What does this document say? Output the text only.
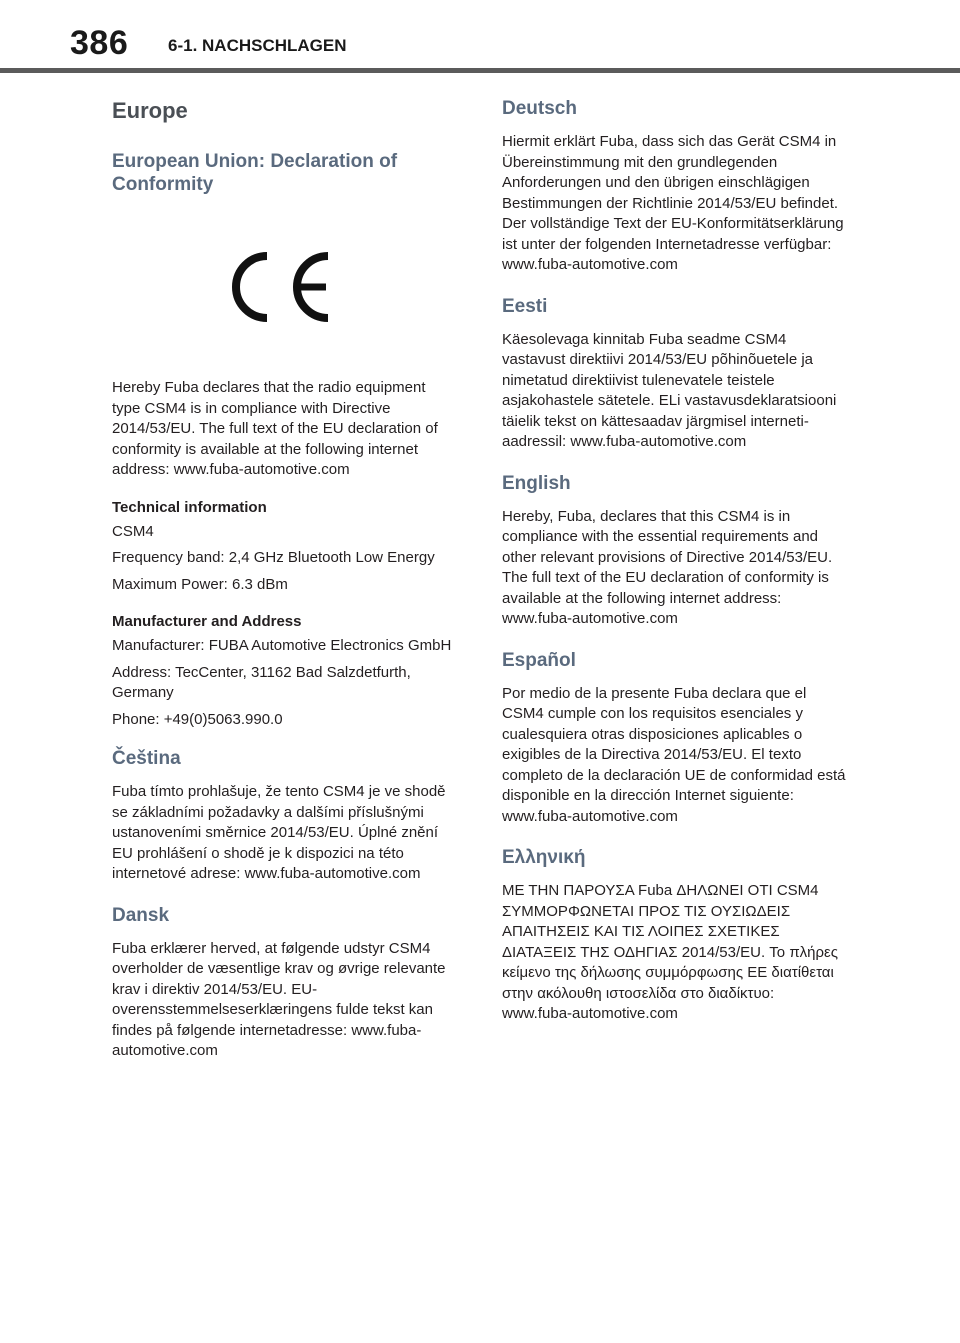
386 6-1. NACHSCHLAGEN
Europe
European Union: Declaration of Conformity

Hereby Fuba declares that the radio equipment type CSM4 is in compliance with Directive 2014/53/EU. The full text of the EU declaration of conformity is available at the following internet address: www.fuba-automotive.com

Technical information

CSM4

Frequency band: 2,4 GHz Bluetooth Low Energy

Maximum Power: 6.3 dBm

Manufacturer and Address

Manufacturer: FUBA Automotive Electronics GmbH

Address: TecCenter, 31162 Bad Salzdetfurth, Germany

Phone: +49(0)5063.990.0

Čeština

Fuba tímto prohlašuje, že tento CSM4 je ve shodě se základními požadavky a dalšími příslušnými ustanoveními směrnice 2014/53/EU. Úplné znění EU prohlášení o shodě je k dispozici na této internetové adrese: www.fuba-automotive.com

Dansk

Fuba erklærer herved, at følgende udstyr CSM4 overholder de væsentlige krav og øvrige relevante krav i direktiv 2014/53/EU. EU-overensstemmelseserklæringens fulde tekst kan findes på følgende internetadresse: www.fuba-automotive.com

Deutsch

Hiermit erklärt Fuba, dass sich das Gerät CSM4 in Übereinstimmung mit den grundlegenden Anforderungen und den übrigen einschlägigen Bestimmungen der Richtlinie 2014/53/EU befindet. Der vollständige Text der EU-Konformitätserklärung ist unter der folgenden Internetadresse verfügbar: www.fuba-automotive.com

Eesti

Käesolevaga kinnitab Fuba seadme CSM4 vastavust direktiivi 2014/53/EU põhinõuetele ja nimetatud direktiivist tulenevatele teistele asjakohastele sätetele. ELi vastavusdeklaratsiooni täielik tekst on kättesaadav järgmisel internetiaadressil: www.fuba-automotive.com

English

Hereby, Fuba, declares that this CSM4 is in compliance with the essential requirements and other relevant provisions of Directive 2014/53/EU. The full text of the EU declaration of conformity is available at the following internet address: www.fuba-automotive.com

Español

Por medio de la presente Fuba declara que el CSM4 cumple con los requisitos esenciales y cualesquiera otras disposiciones aplicables o exigibles de la Directiva 2014/53/EU. El texto completo de la declaración UE de conformidad está disponible en la dirección Internet siguiente: www.fuba-automotive.com

Ελληνική

ΜΕ ΤΗΝ ΠΑΡΟΥΣΑ Fuba ΔΗΛΩΝΕΙ ΟΤΙ CSM4 ΣΥΜΜΟΡΦΩΝΕΤΑΙ ΠΡΟΣ ΤΙΣ ΟΥΣΙΩΔΕΙΣ ΑΠΑΙΤΗΣΕΙΣ ΚΑΙ ΤΙΣ ΛΟΙΠΕΣ ΣΧΕΤΙΚΕΣ ΔΙΑΤΑΞΕΙΣ ΤΗΣ ΟΔΗΓΙΑΣ 2014/53/EU. Το πλήρες κείμενο της δήλωσης συμμόρφωσης ΕΕ διατίθεται στην ακόλουθη ιστοσελίδα στο διαδίκτυο: www.fuba-automotive.com
